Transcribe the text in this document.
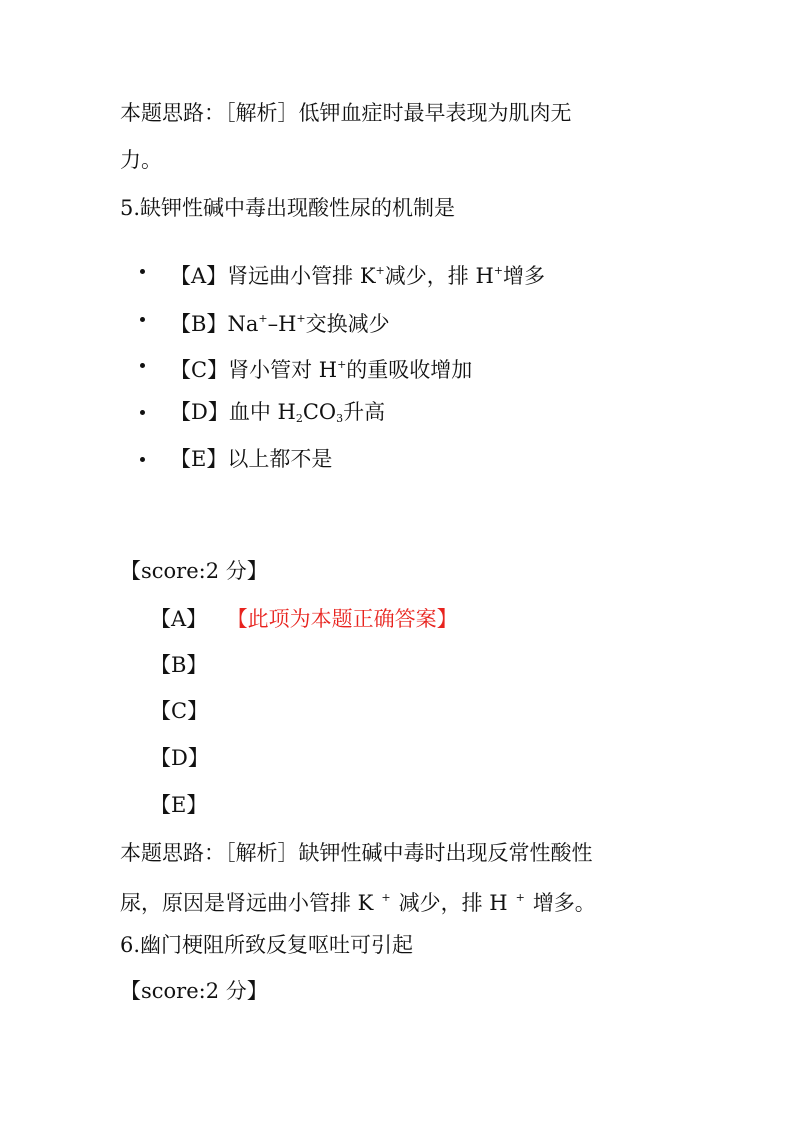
本题思路：［解析］低钾血症时最早表现为肌肉无
力。
5.缺钾性碱中毒出现酸性尿的机制是
【A】肾远曲小管排 K+减少，排 H+增多
【B】Na+–H+交换减少
【C】肾小管对 H+的重吸收增加
【D】血中 $H_2CO_3$升高
【E】以上都不是
【score:2 分】
【A】 【此项为本题正确答案】
【B】
【C】
【D】
【E】
本题思路：［解析］缺钾性碱中毒时出现反常性酸性
尿，原因是肾远曲小管排 K + 减少，排 H + 增多。
6.幽门梗阻所致反复呕吐可引起
【score:2 分】
